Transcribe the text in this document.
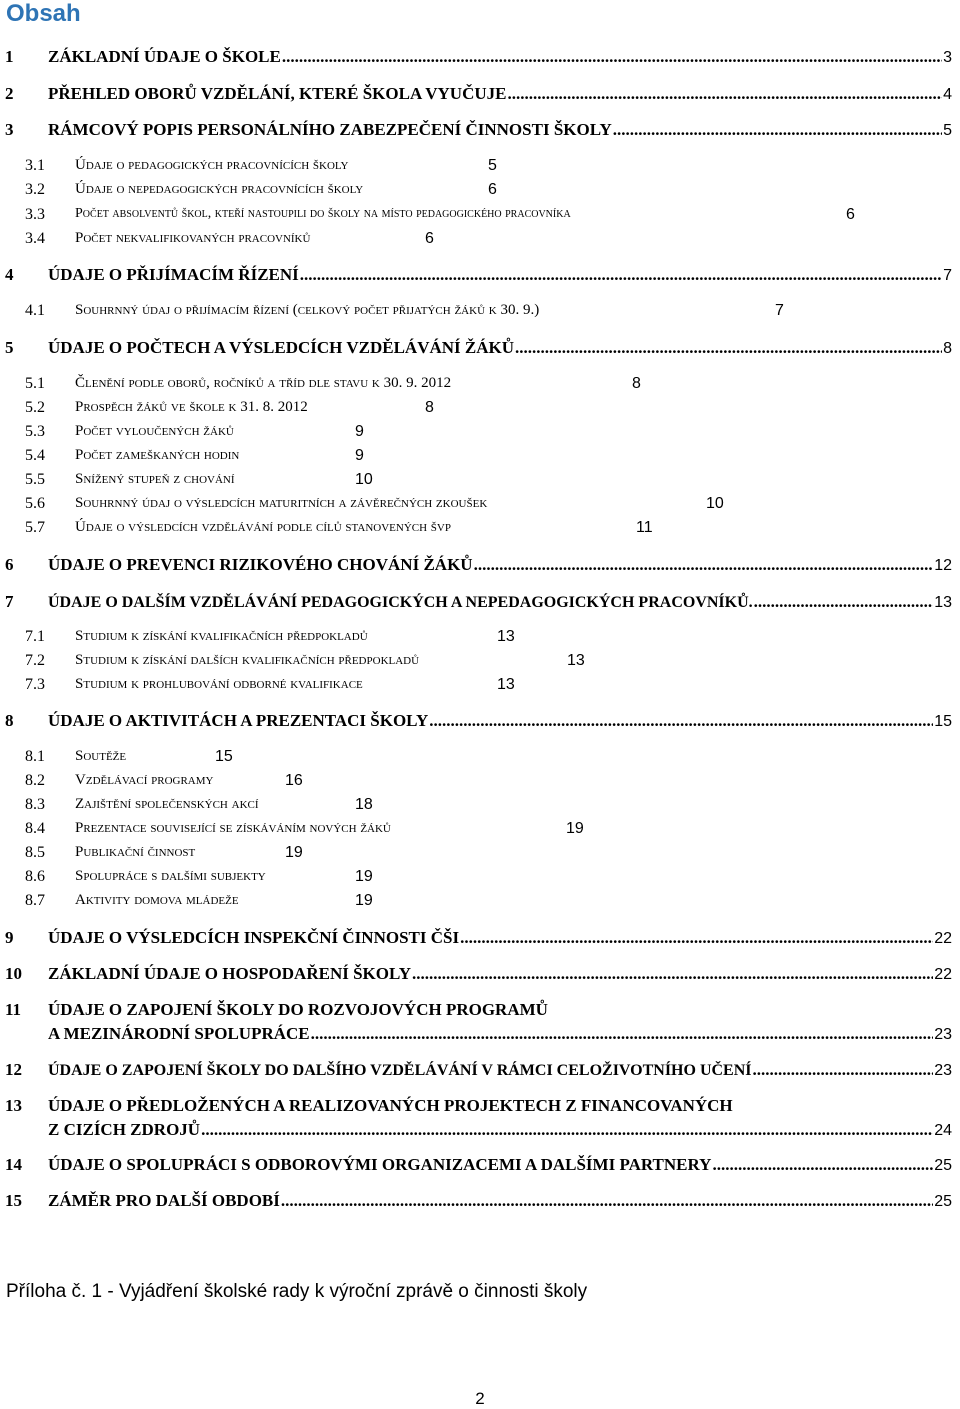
Obsah
1 ZÁKLADNÍ ÚDAJE O ŠKOLE .....	3
2 PŘEHLED OBORŮ VZDĚLÁNÍ, KTERÉ ŠKOLA VYUČUJE .....	4
3 RÁMCOVÝ POPIS PERSONÁLNÍHO ZABEZPEČENÍ ČINNOSTI ŠKOLY .....	5
3.1 údaje o pedagogických pracovnících školy	5
3.2 údaje o nepedagogických pracovnících školy	6
3.3 počet absolventů škol, kteří nastoupili do školy na místo pedagogického pracovníka	6
3.4 počet nekvalifikovaných pracovníků	6
4 ÚDAJE O PŘIJÍMACÍM ŘÍZENÍ .....	7
4.1 souhrnný údaj o přijímacím řízení (celkový počet přijatých žáků k 30. 9.)	7
5 ÚDAJE O POČTECH A VÝSLEDCÍCH VZDĚLÁVÁNÍ ŽÁKŮ .....	8
5.1 členění podle oborů, ročníků a tříd dle stavu k 30. 9. 2012	8
5.2 prospěch žáků ve škole k 31. 8. 2012	8
5.3 počet vyloučených žáků	9
5.4 počet zameškaných hodin	9
5.5 snížený stupeň z chování	10
5.6 souhrnný údaj o výsledcích maturitních a závěrečných zkoušek	10
5.7 údaje o výsledcích vzdělávání podle cílů stanovených švp	11
6 ÚDAJE O PREVENCI RIZIKOVÉHO CHOVÁNÍ ŽÁKŮ .....	12
7 ÚDAJE O DALŠÍM VZDĚLÁVÁNÍ PEDAGOGICKÝCH A NEPEDAGOGICKÝCH PRACOVNÍKŮ. .....	13
7.1 studium k získání kvalifikačních předpokladů	13
7.2 studium k získání dalších kvalifikačních předpokladů	13
7.3 studium k prohlubování odborné kvalifikace	13
8 ÚDAJE O AKTIVITÁCH A PREZENTACI ŠKOLY .....	15
8.1 soutěže	15
8.2 vzdělávací programy	16
8.3 zajištění společenských akcí	18
8.4 prezentace související se získáváním nových žáků	19
8.5 publikační činnost	19
8.6 spolupráce s dalšími subjekty	19
8.7 aktivity domova mládeže	19
9 ÚDAJE O VÝSLEDCÍCH INSPEKČNÍ ČINNOSTI ČŠI .....	22
10 ZÁKLADNÍ ÚDAJE O HOSPODAŘENÍ ŠKOLY .....	22
11 ÚDAJE O ZAPOJENÍ ŠKOLY DO ROZVOJOVÝCH PROGRAMŮ
A MEZINÁRODNÍ SPOLUPRÁCE .....	23
12 ÚDAJE O ZAPOJENÍ ŠKOLY DO DALŠÍHO VZDĚLÁVÁNÍ V RÁMCI CELOŽIVOTNÍHO UČENÍ .....	23
13 ÚDAJE O PŘEDLOŽENÝCH A REALIZOVANÝCH PROJEKTECH Z FINANCOVANÝCH
Z CIZÍCH ZDROJŮ .....	24
14 ÚDAJE O SPOLUPRÁCI S ODBOROVÝMI ORGANIZACEMI A DALŠÍMI PARTNERY .....	25
15 ZÁMĚR PRO DALŠÍ OBDOBÍ .....	25
Příloha č. 1 - Vyjádření školské rady k výroční zprávě o činnosti školy
2
